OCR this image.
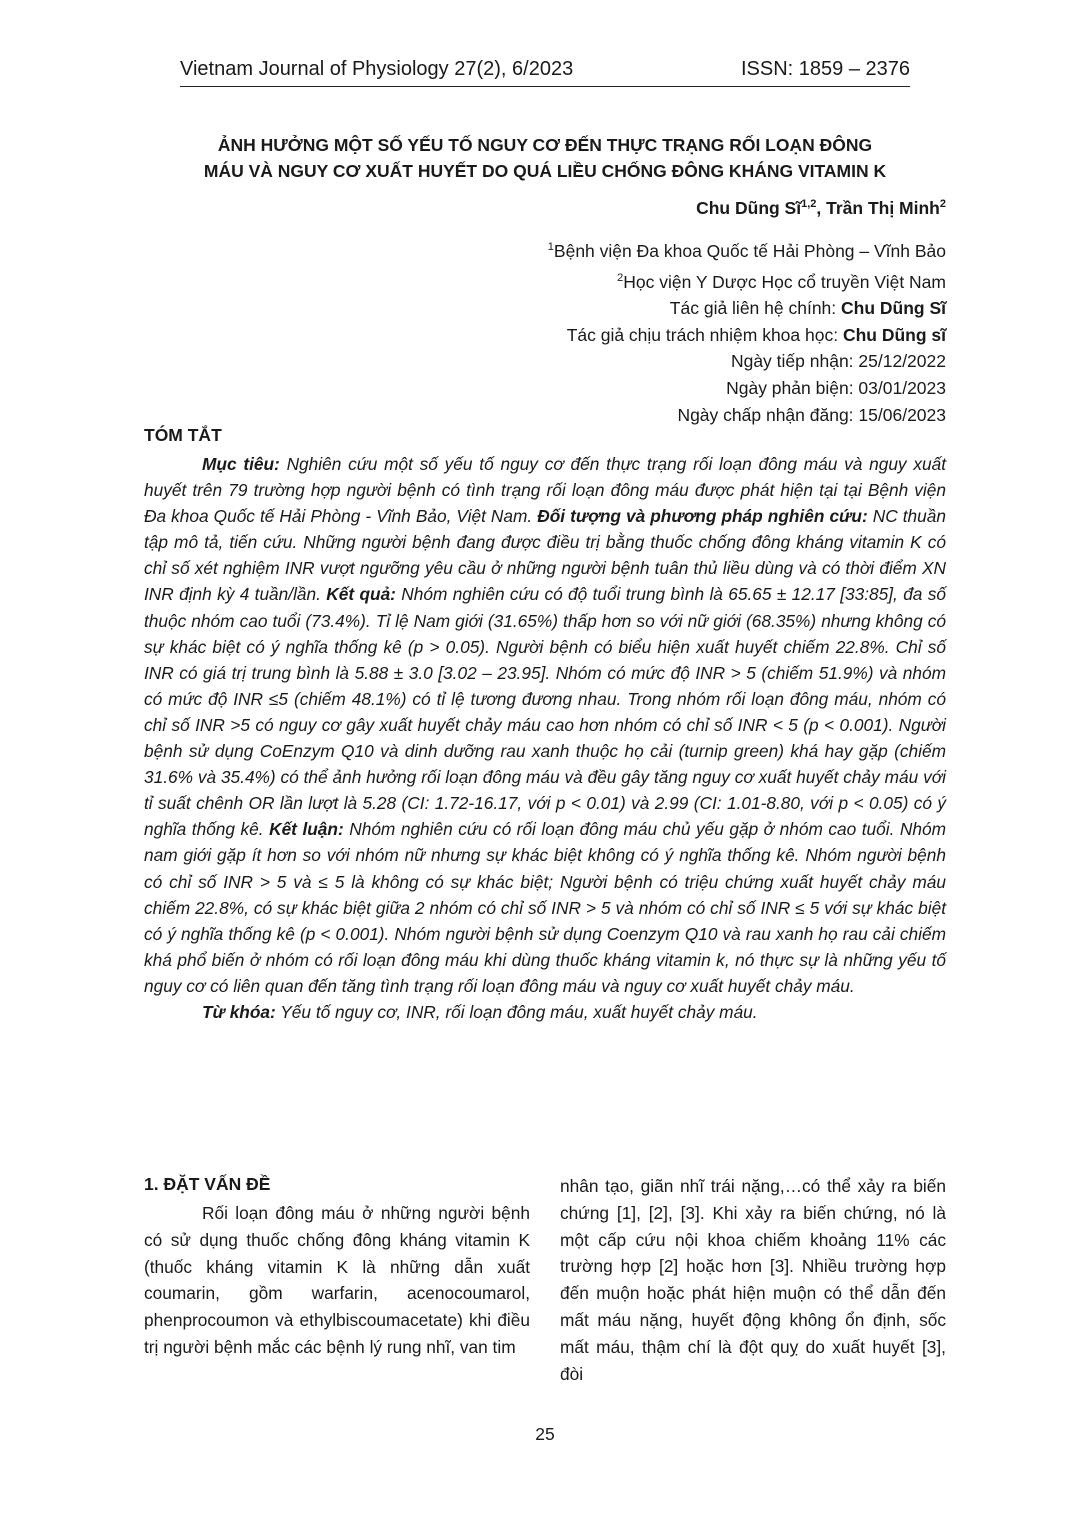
Vietnam Journal of Physiology 27(2), 6/2023	ISSN: 1859 – 2376
ẢNH HƯỞNG MỘT SỐ YẾU TỐ NGUY CƠ ĐẾN THỰC TRẠNG RỐI LOẠN ĐÔNG
MÁU VÀ NGUY CƠ XUẤT HUYẾT DO QUÁ LIỀU CHỐNG ĐÔNG KHÁNG VITAMIN K
Chu Dũng Sĩ$^{1,2}$, Trần Thị Minh$^2$
$^1$Bệnh viện Đa khoa Quốc tế Hải Phòng – Vĩnh Bảo
$^2$Học viện Y Dược Học cổ truyền Việt Nam
Tác giả liên hệ chính: Chu Dũng Sĩ
Tác giả chịu trách nhiệm khoa học: Chu Dũng sĩ
Ngày tiếp nhận: 25/12/2022
Ngày phản biện: 03/01/2023
Ngày chấp nhận đăng: 15/06/2023
TÓM TẮT

Mục tiêu: Nghiên cứu một số yếu tố nguy cơ đến thực trạng rối loạn đông máu và nguy xuất huyết trên 79 trường hợp người bệnh có tình trạng rối loạn đông máu được phát hiện tại tại Bệnh viện Đa khoa Quốc tế Hải Phòng - Vĩnh Bảo, Việt Nam. Đối tượng và phương pháp nghiên cứu: NC thuần tập mô tả, tiến cứu. Những người bệnh đang được điều trị bằng thuốc chống đông kháng vitamin K có chỉ số xét nghiệm INR vượt ngưỡng yêu cầu ở những người bệnh tuân thủ liều dùng và có thời điểm XN INR định kỳ 4 tuần/lần. Kết quả: Nhóm nghiên cứu có độ tuổi trung bình là 65.65 ± 12.17 [33:85], đa số thuộc nhóm cao tuổi (73.4%). Tỉ lệ Nam giới (31.65%) thấp hơn so với nữ giới (68.35%) nhưng không có sự khác biệt có ý nghĩa thống kê (p > 0.05). Người bệnh có biểu hiện xuất huyết chiếm 22.8%. Chỉ số INR có giá trị trung bình là 5.88 ± 3.0 [3.02 – 23.95]. Nhóm có mức độ INR > 5 (chiếm 51.9%) và nhóm có mức độ INR ≤5 (chiếm 48.1%) có tỉ lệ tương đương nhau. Trong nhóm rối loạn đông máu, nhóm có chỉ số INR >5 có nguy cơ gây xuất huyết chảy máu cao hơn nhóm có chỉ số INR < 5 (p < 0.001). Người bệnh sử dụng CoEnzym Q10 và dinh dưỡng rau xanh thuộc họ cải (turnip green) khá hay gặp (chiếm 31.6% và 35.4%) có thể ảnh hưởng rối loạn đông máu và đều gây tăng nguy cơ xuất huyết chảy máu với tỉ suất chênh OR lần lượt là 5.28 (CI: 1.72-16.17, với p < 0.01) và 2.99 (CI: 1.01-8.80, với p < 0.05) có ý nghĩa thống kê. Kết luận: Nhóm nghiên cứu có rối loạn đông máu chủ yếu gặp ở nhóm cao tuổi. Nhóm nam giới gặp ít hơn so với nhóm nữ nhưng sự khác biệt không có ý nghĩa thống kê. Nhóm người bệnh có chỉ số INR > 5 và ≤ 5 là không có sự khác biệt; Người bệnh có triệu chứng xuất huyết chảy máu chiếm 22.8%, có sự khác biệt giữa 2 nhóm có chỉ số INR > 5 và nhóm có chỉ số INR ≤ 5 với sự khác biệt có ý nghĩa thống kê (p < 0.001). Nhóm người bệnh sử dụng Coenzym Q10 và rau xanh họ rau cải chiếm khá phổ biến ở nhóm có rối loạn đông máu khi dùng thuốc kháng vitamin k, nó thực sự là những yếu tố nguy cơ có liên quan đến tăng tình trạng rối loạn đông máu và nguy cơ xuất huyết chảy máu.

Từ khóa: Yếu tố nguy cơ, INR, rối loạn đông máu, xuất huyết chảy máu.

1. ĐẶT VẤN ĐỀ

Rối loạn đông máu ở những người bệnh có sử dụng thuốc chống đông kháng vitamin K (thuốc kháng vitamin K là những dẫn xuất coumarin, gồm warfarin, acenocoumarol, phenprocoumon và ethylbiscoumacetate) khi điều trị người bệnh mắc các bệnh lý rung nhĩ, van tim

nhân tạo, giãn nhĩ trái nặng,…có thể xảy ra biến chứng [1], [2], [3]. Khi xảy ra biến chứng, nó là một cấp cứu nội khoa chiếm khoảng 11% các trường hợp [2] hoặc hơn [3]. Nhiều trường hợp đến muộn hoặc phát hiện muộn có thể dẫn đến mất máu nặng, huyết động không ổn định, sốc mất máu, thậm chí là đột quỵ do xuất huyết [3], đòi

25
